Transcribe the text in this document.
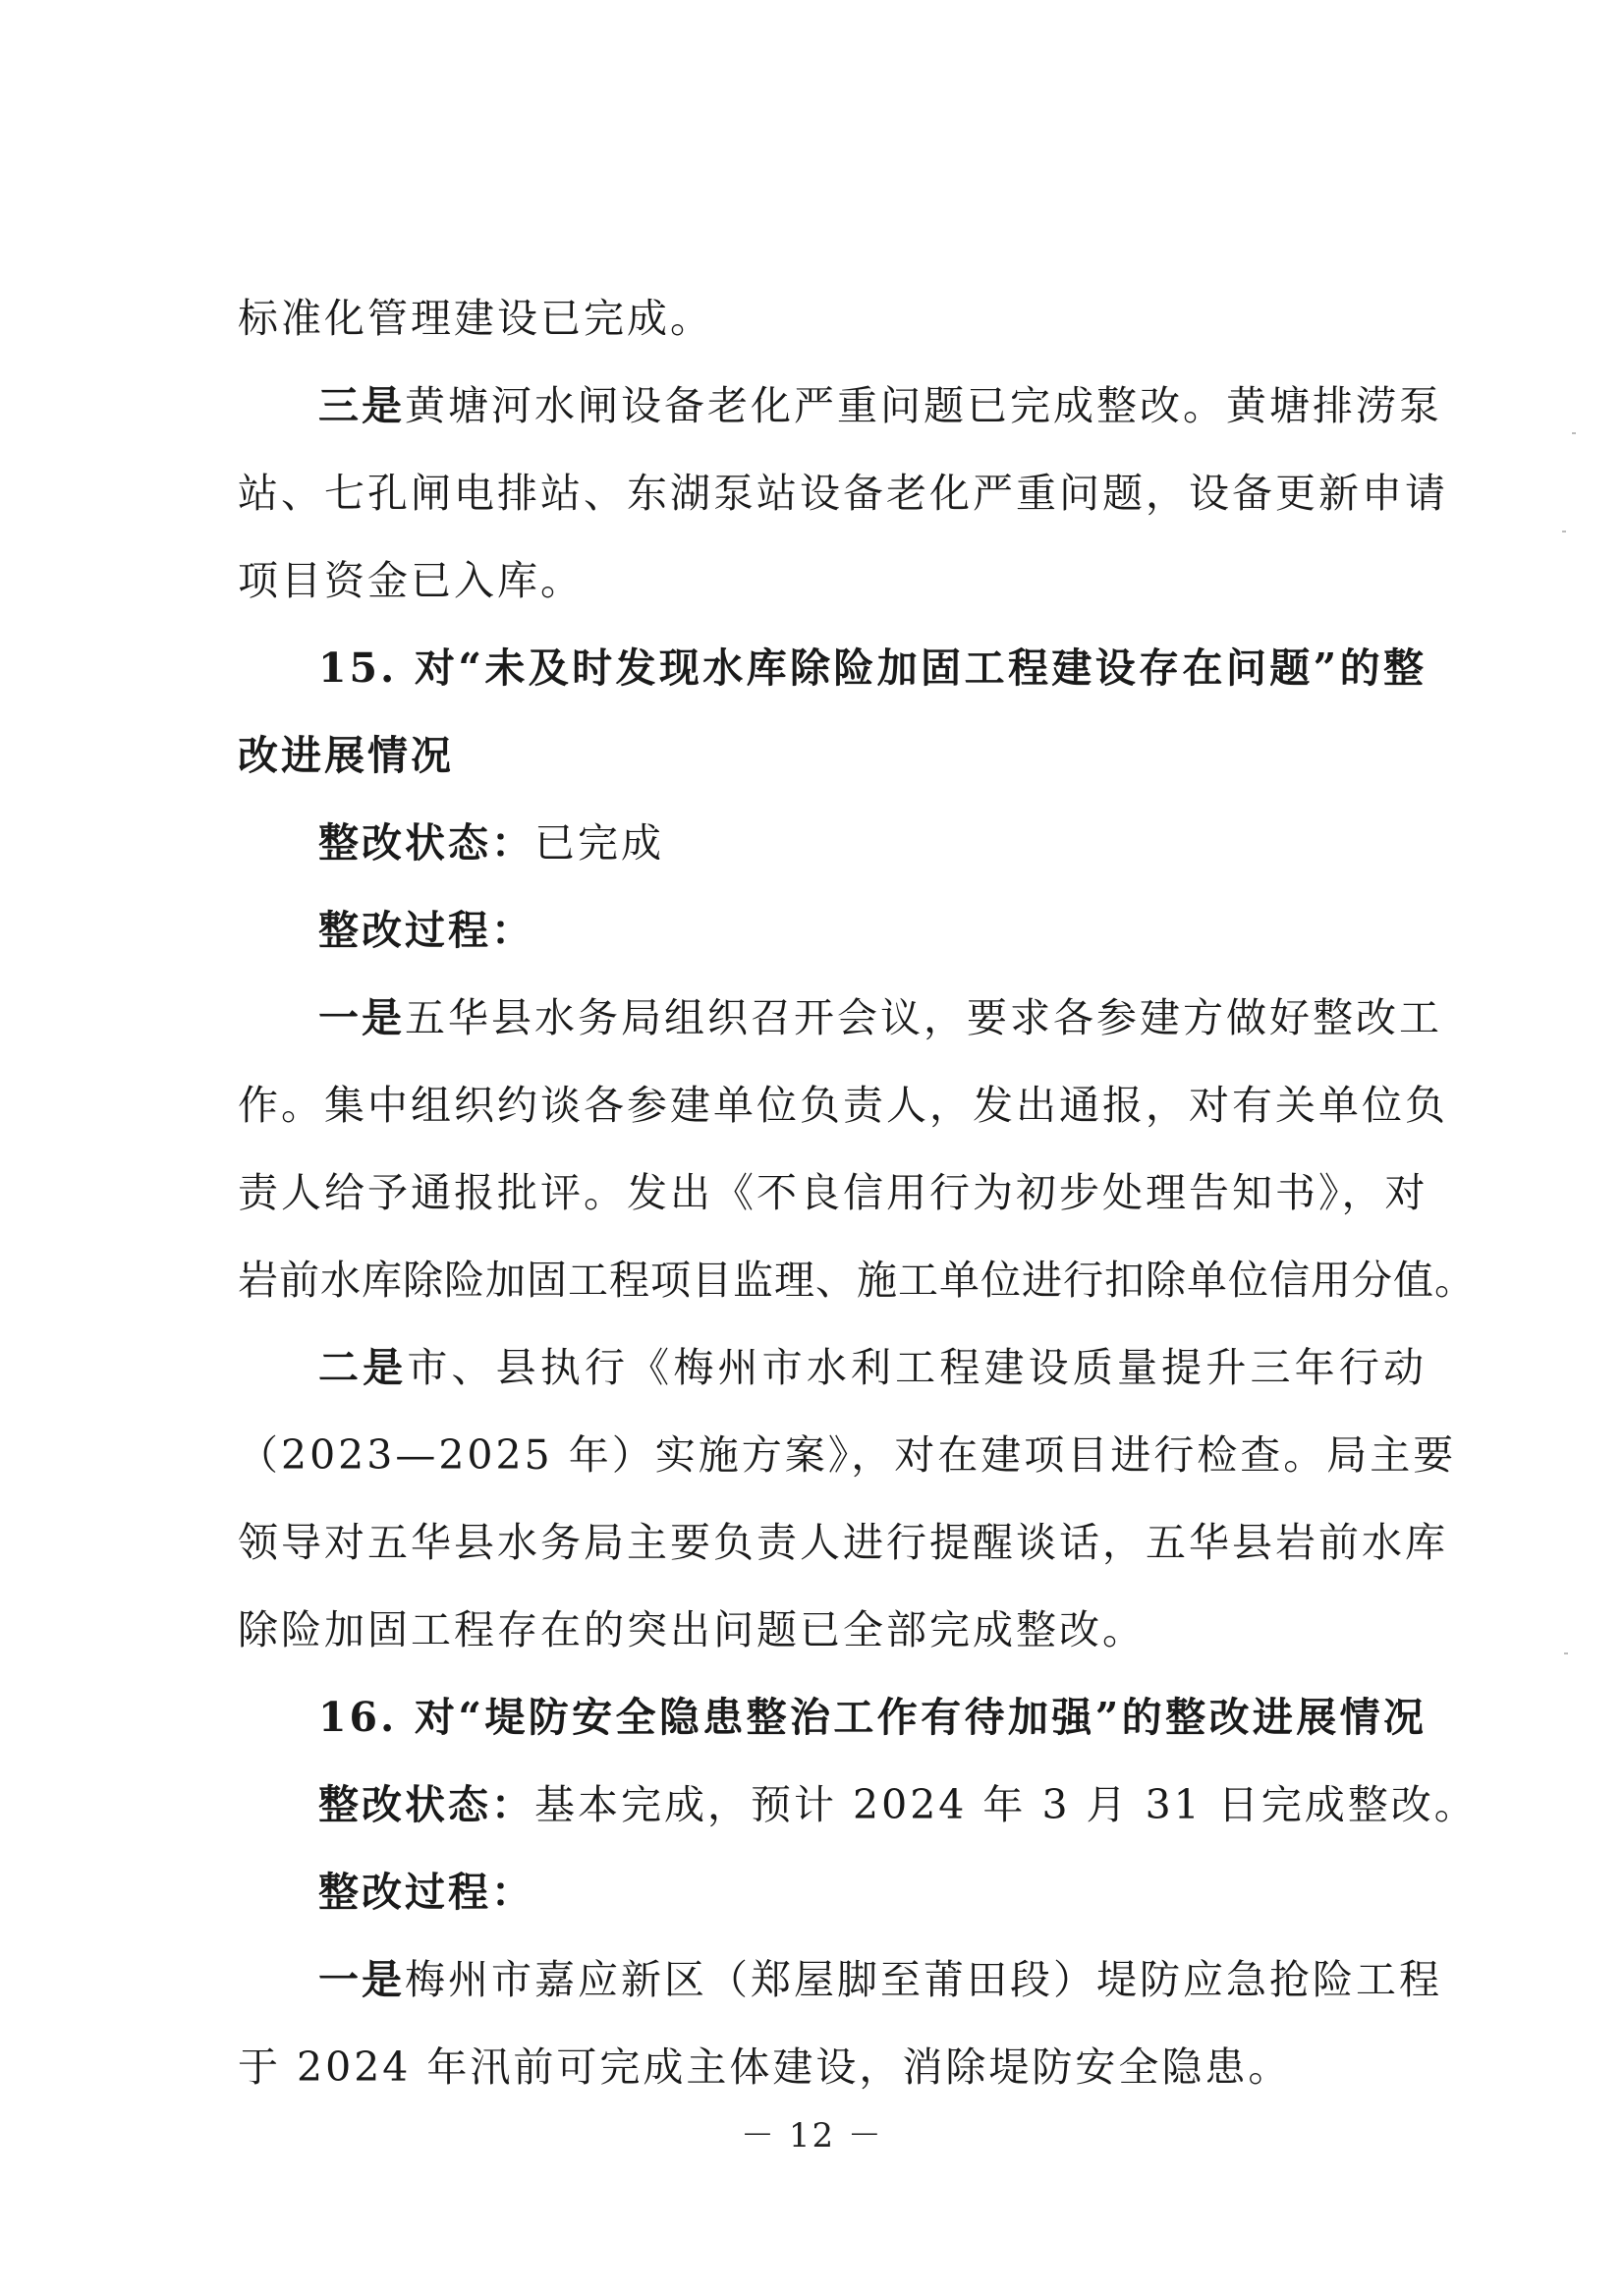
标准化管理建设已完成。
三是黄塘河水闸设备老化严重问题已完成整改。黄塘排涝泵
站、七孔闸电排站、东湖泵站设备老化严重问题，设备更新申请
项目资金已入库。
15. 对“未及时发现水库除险加固工程建设存在问题”的整
改进展情况
整改状态：已完成
整改过程：
一是五华县水务局组织召开会议，要求各参建方做好整改工
作。集中组织约谈各参建单位负责人，发出通报，对有关单位负
责人给予通报批评。发出《不良信用行为初步处理告知书》，对
岩前水库除险加固工程项目监理、施工单位进行扣除单位信用分值。
二是市、县执行《梅州市水利工程建设质量提升三年行动
（2023—2025 年）实施方案》，对在建项目进行检查。局主要
领导对五华县水务局主要负责人进行提醒谈话，五华县岩前水库
除险加固工程存在的突出问题已全部完成整改。
16. 对“堤防安全隐患整治工作有待加强”的整改进展情况
整改状态：基本完成，预计 2024 年 3 月 31 日完成整改。
整改过程：
一是梅州市嘉应新区（郑屋脚至莆田段）堤防应急抢险工程
于 2024 年汛前可完成主体建设，消除堤防安全隐患。
－ 12 －
